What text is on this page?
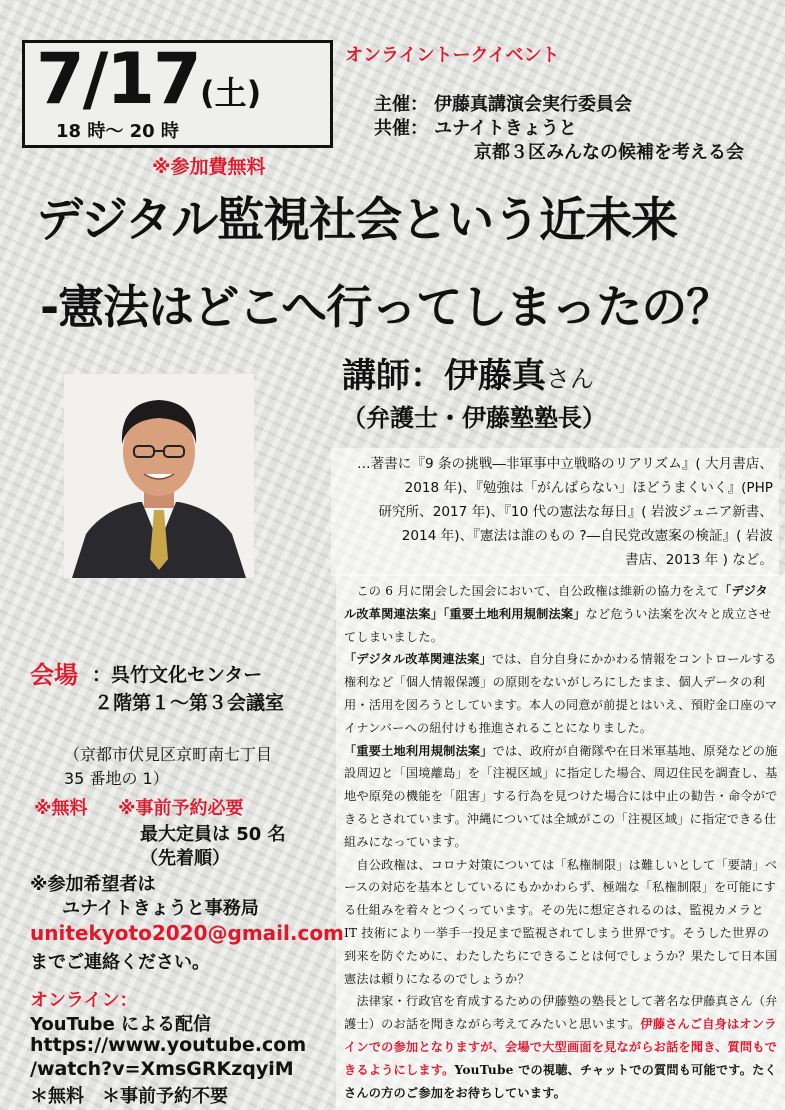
7/17 (土)
18 時～ 20 時
※参加費無料
オンライントークイベント
主催： 伊藤真講演会実行委員会
共催： ユナイトきょうと
京都３区みんなの候補を考える会
デジタル監視社会という近未来
-憲法はどこへ行ってしまったの？
講師：伊藤真さん
（弁護士・伊藤塾塾長）
…著書に『9 条の挑戦―非軍事中立戦略のリアリズム』( 大月書店、
2018 年)、『勉強は「がんばらない」ほどうまくいく』(PHP
研究所、2017 年)、『10 代の憲法な毎日』( 岩波ジュニア新書、
2014 年)、『憲法は誰のもの ?―自民党改憲案の検証』( 岩波
書店、2013 年 ) など。

　この 6 月に閉会した国会において、自公政権は維新の協力をえて「デジタル改革関連法案」「重要土地利用規制法案」など危うい法案を次々と成立させてしまいました。

「デジタル改革関連法案」では、自分自身にかかわる情報をコントロールする権利など「個人情報保護」の原則をないがしろにしたまま、個人データの利用・活用を図ろうとしています。本人の同意が前提とはいえ、預貯金口座のマイナンバーへの紐付けも推進されることになりました。

「重要土地利用規制法案」では、政府が自衛隊や在日米軍基地、原発などの施設周辺と「国境離島」を「注視区域」に指定した場合、周辺住民を調査し、基地や原発の機能を「阻害」する行為を見つけた場合には中止の勧告・命令ができるとされています。沖縄については全域がこの「注視区域」に指定できる仕組みになっています。

　自公政権は、コロナ対策については「私権制限」は難しいとして「要請」ベースの対応を基本としているにもかかわらず、極端な「私権制限」を可能にする仕組みを着々とつくっています。その先に想定されるのは、監視カメラと IT 技術により一挙手一投足まで監視されてしまう世界です。そうした世界の到来を防ぐために、わたしたちにできることは何でしょうか？果たして日本国憲法は頼りになるのでしょうか？

　法律家・行政官を育成するための伊藤塾の塾長として著名な伊藤真さん（弁護士）のお話を聞きながら考えてみたいと思います。伊藤さんご自身はオンラインでの参加となりますが、会場で大型画面を見ながらお話を聞き、質問もできるようにします。YouTube での視聴、チャットでの質問も可能です。たくさんの方のご参加をお待ちしています。

会場 ：呉竹文化センター
２階第１～第３会議室
（京都市伏見区京町南七丁目
35 番地の 1）
※無料 ※事前予約必要
最大定員は 50 名
（先着順）
※参加希望者は
ユナイトきょうと事務局
unitekyoto2020@gmail.com
までご連絡ください。
オンライン：
YouTube による配信
https://www.youtube.com
/watch?v=XmsGRKzqyiM
＊無料　＊事前予約不要
